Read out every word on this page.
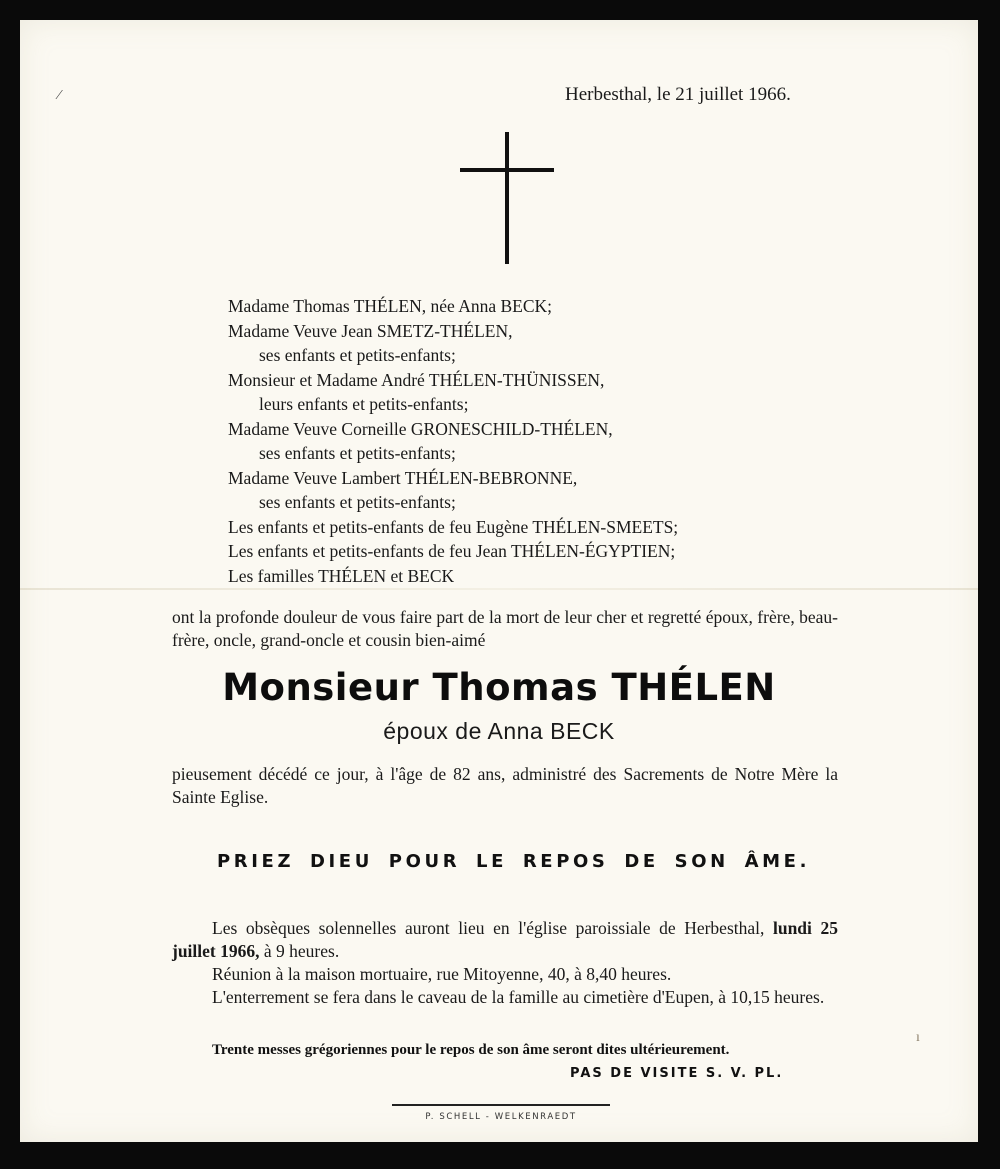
⁄	Herbesthal, le 21 juillet 1966.
Madame Thomas THÉLEN, née Anna BECK;
Madame Veuve Jean SMETZ-THÉLEN,
ses enfants et petits-enfants;
Monsieur et Madame André THÉLEN-THÜNISSEN,
leurs enfants et petits-enfants;
Madame Veuve Corneille GRONESCHILD-THÉLEN,
ses enfants et petits-enfants;
Madame Veuve Lambert THÉLEN-BEBRONNE,
ses enfants et petits-enfants;
Les enfants et petits-enfants de feu Eugène THÉLEN-SMEETS;
Les enfants et petits-enfants de feu Jean THÉLEN-ÉGYPTIEN;
Les familles THÉLEN et BECK
ont la profonde douleur de vous faire part de la mort de leur cher et regretté époux, frère, beau-frère, oncle, grand-oncle et cousin bien-aimé
Monsieur Thomas THÉLEN
époux de Anna BECK
pieusement décédé ce jour, à l'âge de 82 ans, administré des Sacrements de Notre Mère la Sainte Eglise.
PRIEZ DIEU POUR LE REPOS DE SON ÂME.

Les obsèques solennelles auront lieu en l'église paroissiale de Herbesthal, lundi 25 juillet 1966, à 9 heures.

Réunion à la maison mortuaire, rue Mitoyenne, 40, à 8,40 heures.

L'enterrement se fera dans le caveau de la famille au cimetière d'Eupen, à 10,15 heures.

Trente messes grégoriennes pour le repos de son âme seront dites ultérieurement.
PAS DE VISITE S. V. PL.
P. SCHELL - WELKENRAEDT
ı
